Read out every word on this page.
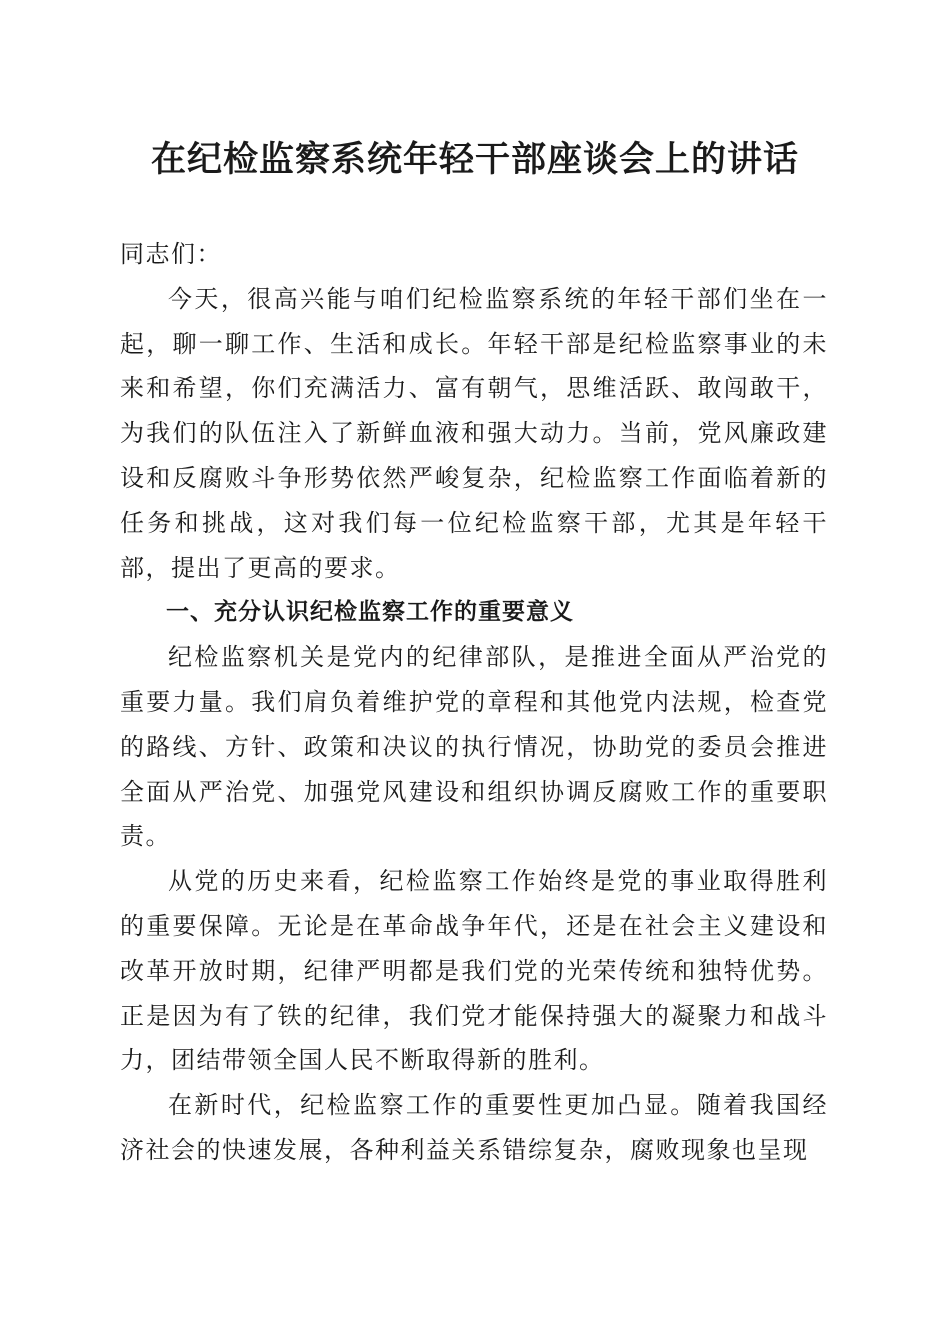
在纪检监察系统年轻干部座谈会上的讲话

同志们：

今天，很高兴能与咱们纪检监察系统的年轻干部们坐在一起，聊一聊工作、生活和成长。年轻干部是纪检监察事业的未来和希望，你们充满活力、富有朝气，思维活跃、敢闯敢干，为我们的队伍注入了新鲜血液和强大动力。当前，党风廉政建设和反腐败斗争形势依然严峻复杂，纪检监察工作面临着新的任务和挑战，这对我们每一位纪检监察干部，尤其是年轻干部，提出了更高的要求。

一、充分认识纪检监察工作的重要意义

纪检监察机关是党内的纪律部队，是推进全面从严治党的重要力量。我们肩负着维护党的章程和其他党内法规，检查党的路线、方针、政策和决议的执行情况，协助党的委员会推进全面从严治党、加强党风建设和组织协调反腐败工作的重要职责。

从党的历史来看，纪检监察工作始终是党的事业取得胜利的重要保障。无论是在革命战争年代，还是在社会主义建设和改革开放时期，纪律严明都是我们党的光荣传统和独特优势。正是因为有了铁的纪律，我们党才能保持强大的凝聚力和战斗力，团结带领全国人民不断取得新的胜利。

在新时代，纪检监察工作的重要性更加凸显。随着我国经济社会的快速发展，各种利益关系错综复杂，腐败现象也呈现
